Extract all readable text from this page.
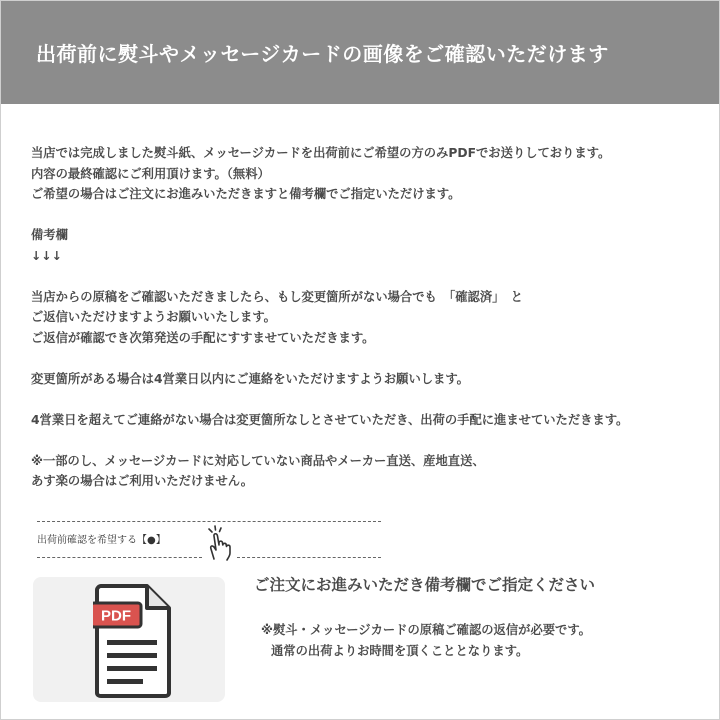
出荷前に熨斗やメッセージカードの画像をご確認いただけます

当店では完成しました熨斗紙、メッセージカードを出荷前にご希望の方のみPDFでお送りしております。

内容の最終確認にご利用頂けます。（無料）

ご希望の場合はご注文にお進みいただきますと備考欄でご指定いただけます。

備考欄

↓↓↓

当店からの原稿をご確認いただきましたら、もし変更箇所がない場合でも　「確認済」　と

ご返信いただけますようお願いいたします。

ご返信が確認でき次第発送の手配にすすませていただきます。

変更箇所がある場合は4営業日以内にご連絡をいただけますようお願いします。

4営業日を超えてご連絡がない場合は変更箇所なしとさせていただき、出荷の手配に進ませていただきます。

※一部のし、メッセージカードに対応していない商品やメーカー直送、産地直送、

あす楽の場合はご利用いただけません。

出荷前確認を希望する【●】
PDF
ご注文にお進みいただき備考欄でご指定ください

※熨斗・メッセージカードの原稿ご確認の返信が必要です。

通常の出荷よりお時間を頂くこととなります。
